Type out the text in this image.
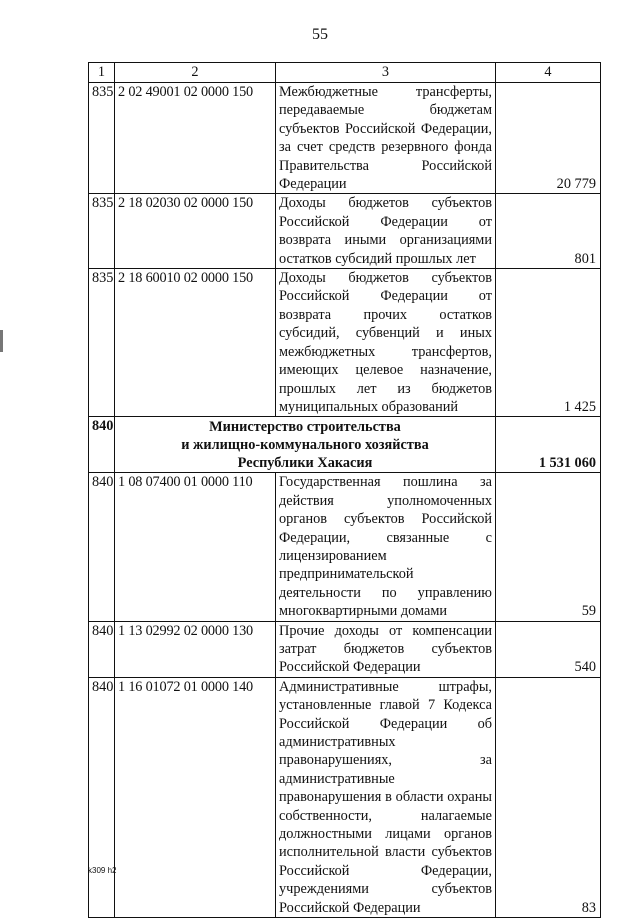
55
1	2	3	4
835	2 02 49001 02 0000 150	Межбюджетные трансферты, передаваемые бюджетам субъектов Российской Федерации, за счет средств резервного фонда Правительства Российской Федерации	20 779
835	2 18 02030 02 0000 150	Доходы бюджетов субъектов Российской Федерации от возврата иными организациями остатков субсидий прошлых лет	801
835	2 18 60010 02 0000 150	Доходы бюджетов субъектов Российской Федерации от возврата прочих остатков субсидий, субвенций и иных межбюджетных трансфертов, имеющих целевое назначение, прошлых лет из бюджетов муниципальных образований	1 425
840	Министерство строительства
и жилищно-коммунального хозяйства
Республики Хакасия		1 531 060
840	1 08 07400 01 0000 110	Государственная пошлина за действия уполномоченных органов субъектов Российской Федерации, связанные с лицензированием предпринимательской деятельности по управлению многоквартирными домами	59
840	1 13 02992 02 0000 130	Прочие доходы от компенсации затрат бюджетов субъектов Российской Федерации	540
840	1 16 01072 01 0000 140	Административные штрафы, установленные главой 7 Кодекса Российской Федерации об административных правонарушениях, за административные правонарушения в области охраны собственности, налагаемые должностными лицами органов исполнительной власти субъектов Российской Федерации, учреждениями субъектов Российской Федерации	83
k309 h2
